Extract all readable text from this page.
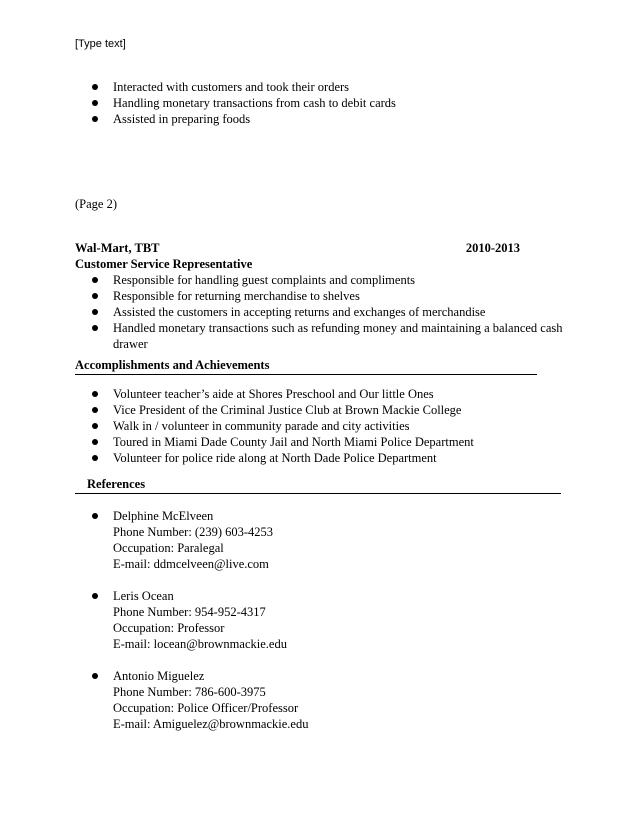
[Type text]
Interacted with customers and took their orders
Handling monetary transactions from cash to debit cards
Assisted in preparing foods
(Page 2)
Wal-Mart, TBT	2010-2013
Customer Service Representative
Responsible for handling guest complaints and compliments
Responsible for returning merchandise to shelves
Assisted the customers in accepting returns and exchanges of merchandise
Handled monetary transactions such as refunding money and maintaining a balanced cash drawer
Accomplishments and Achievements
Volunteer teacher’s aide at Shores Preschool and Our little Ones
Vice President of the Criminal Justice Club at Brown Mackie College
Walk in / volunteer in community parade and city activities
Toured in Miami Dade County Jail and North Miami Police Department
Volunteer for police ride along at North Dade Police Department
References
Delphine McElveen
Phone Number: (239) 603-4253
Occupation: Paralegal
E-mail: ddmcelveen@live.com
Leris Ocean
Phone Number: 954-952-4317
Occupation: Professor
E-mail: locean@brownmackie.edu
Antonio Miguelez
Phone Number: 786-600-3975
Occupation: Police Officer/Professor
E-mail: Amiguelez@brownmackie.edu
